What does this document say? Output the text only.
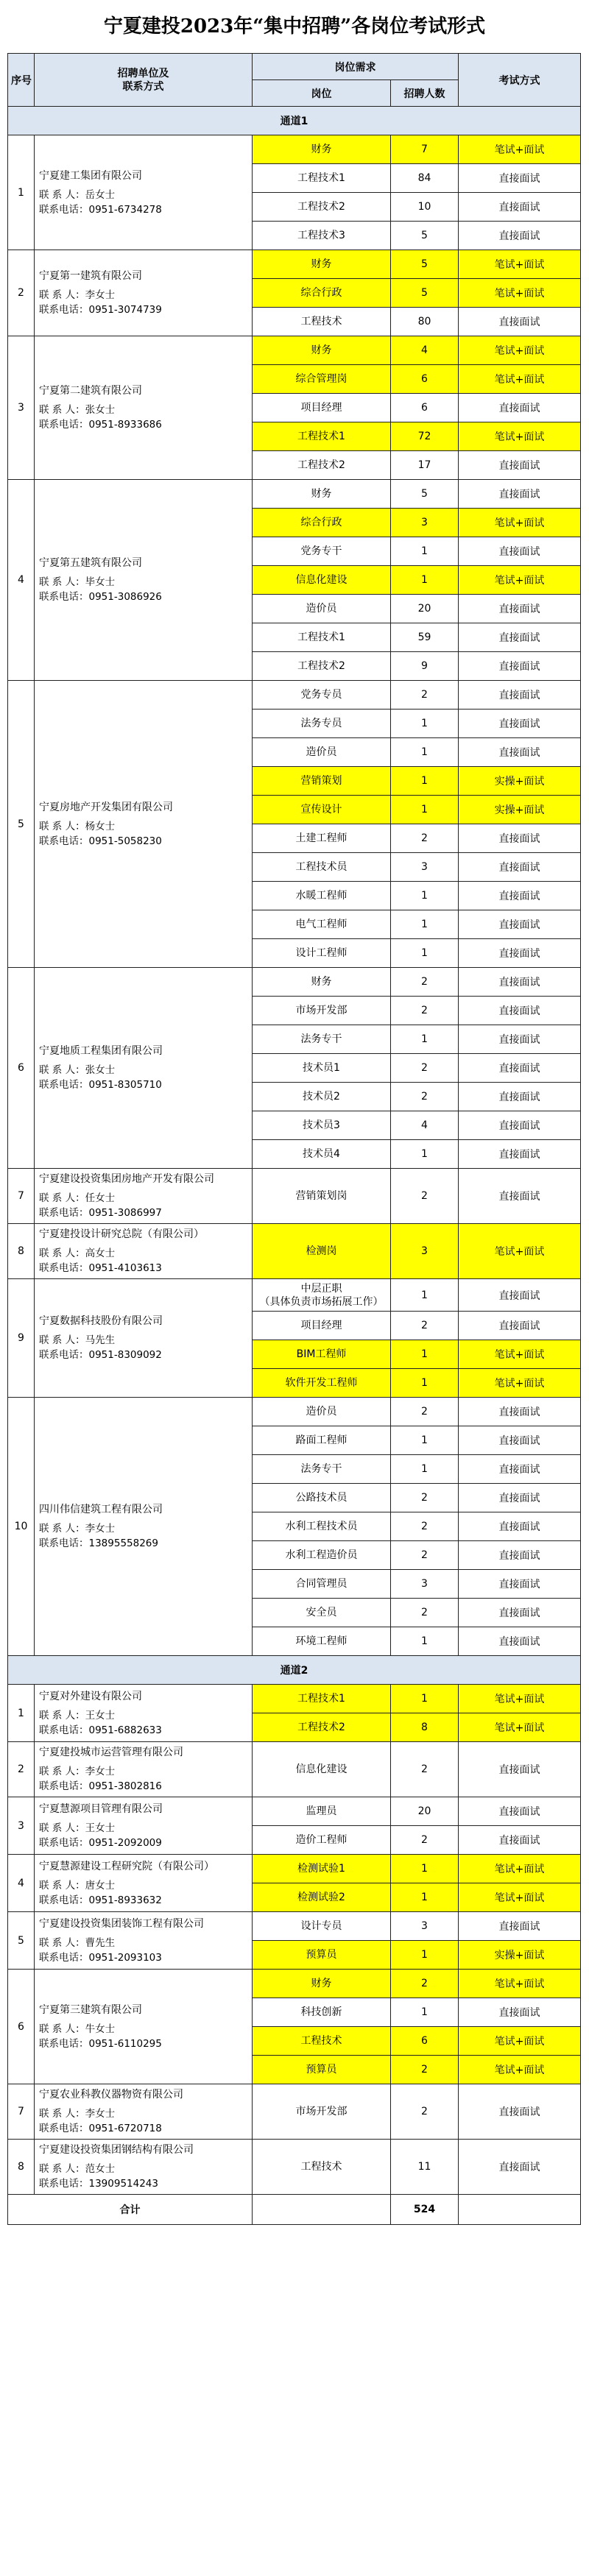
宁夏建投2023年“集中招聘”各岗位考试形式
序号	招聘单位及
联系方式	岗位需求		考试方式
		岗位	招聘人数	
通道1				
1	宁夏建工集团有限公司
联 系 人：岳女士
联系电话：0951-6734278	财务	7	笔试+面试
		工程技术1	84	直接面试
		工程技术2	10	直接面试
		工程技术3	5	直接面试
2	宁夏第一建筑有限公司
联 系 人：李女士
联系电话：0951-3074739	财务	5	笔试+面试
		综合行政	5	笔试+面试
		工程技术	80	直接面试
3	宁夏第二建筑有限公司
联 系 人：张女士
联系电话：0951-8933686	财务	4	笔试+面试
		综合管理岗	6	笔试+面试
		项目经理	6	直接面试
		工程技术1	72	笔试+面试
		工程技术2	17	直接面试
4	宁夏第五建筑有限公司
联 系 人：毕女士
联系电话：0951-3086926	财务	5	直接面试
		综合行政	3	笔试+面试
		党务专干	1	直接面试
		信息化建设	1	笔试+面试
		造价员	20	直接面试
		工程技术1	59	直接面试
		工程技术2	9	直接面试
5	宁夏房地产开发集团有限公司
联 系 人：杨女士
联系电话：0951-5058230	党务专员	2	直接面试
		法务专员	1	直接面试
		造价员	1	直接面试
		营销策划	1	实操+面试
		宣传设计	1	实操+面试
		土建工程师	2	直接面试
		工程技术员	3	直接面试
		水暖工程师	1	直接面试
		电气工程师	1	直接面试
		设计工程师	1	直接面试
6	宁夏地质工程集团有限公司
联 系 人：张女士
联系电话：0951-8305710	财务	2	直接面试
		市场开发部	2	直接面试
		法务专干	1	直接面试
		技术员1	2	直接面试
		技术员2	2	直接面试
		技术员3	4	直接面试
		技术员4	1	直接面试
7	宁夏建设投资集团房地产开发有限公司
联 系 人：任女士
联系电话：0951-3086997	营销策划岗	2	直接面试
8	宁夏建投设计研究总院（有限公司）
联 系 人：高女士
联系电话：0951-4103613	检测岗	3	笔试+面试
9	宁夏数据科技股份有限公司
联 系 人：马先生
联系电话：0951-8309092	中层正职
（具体负责市场拓展工作）	1	直接面试
		项目经理	2	直接面试
		BIM工程师	1	笔试+面试
		软件开发工程师	1	笔试+面试
10	四川伟信建筑工程有限公司
联 系 人：李女士
联系电话：13895558269	造价员	2	直接面试
		路面工程师	1	直接面试
		法务专干	1	直接面试
		公路技术员	2	直接面试
		水利工程技术员	2	直接面试
		水利工程造价员	2	直接面试
		合同管理员	3	直接面试
		安全员	2	直接面试
		环境工程师	1	直接面试
通道2				
1	宁夏对外建设有限公司
联 系 人：王女士
联系电话：0951-6882633	工程技术1	1	笔试+面试
		工程技术2	8	笔试+面试
2	宁夏建投城市运营管理有限公司
联 系 人：李女士
联系电话：0951-3802816	信息化建设	2	直接面试
3	宁夏慧源项目管理有限公司
联 系 人：王女士
联系电话：0951-2092009	监理员	20	直接面试
		造价工程师	2	直接面试
4	宁夏慧源建设工程研究院（有限公司）
联 系 人：唐女士
联系电话：0951-8933632	检测试验1	1	笔试+面试
		检测试验2	1	笔试+面试
5	宁夏建设投资集团装饰工程有限公司
联 系 人：曹先生
联系电话：0951-2093103	设计专员	3	直接面试
		预算员	1	实操+面试
6	宁夏第三建筑有限公司
联 系 人：牛女士
联系电话：0951-6110295	财务	2	笔试+面试
		科技创新	1	直接面试
		工程技术	6	笔试+面试
		预算员	2	笔试+面试
7	宁夏农业科教仪器物资有限公司
联 系 人：李女士
联系电话：0951-6720718	市场开发部	2	直接面试
8	宁夏建设投资集团钢结构有限公司
联 系 人：范女士
联系电话：13909514243	工程技术	11	直接面试
合计			524	
